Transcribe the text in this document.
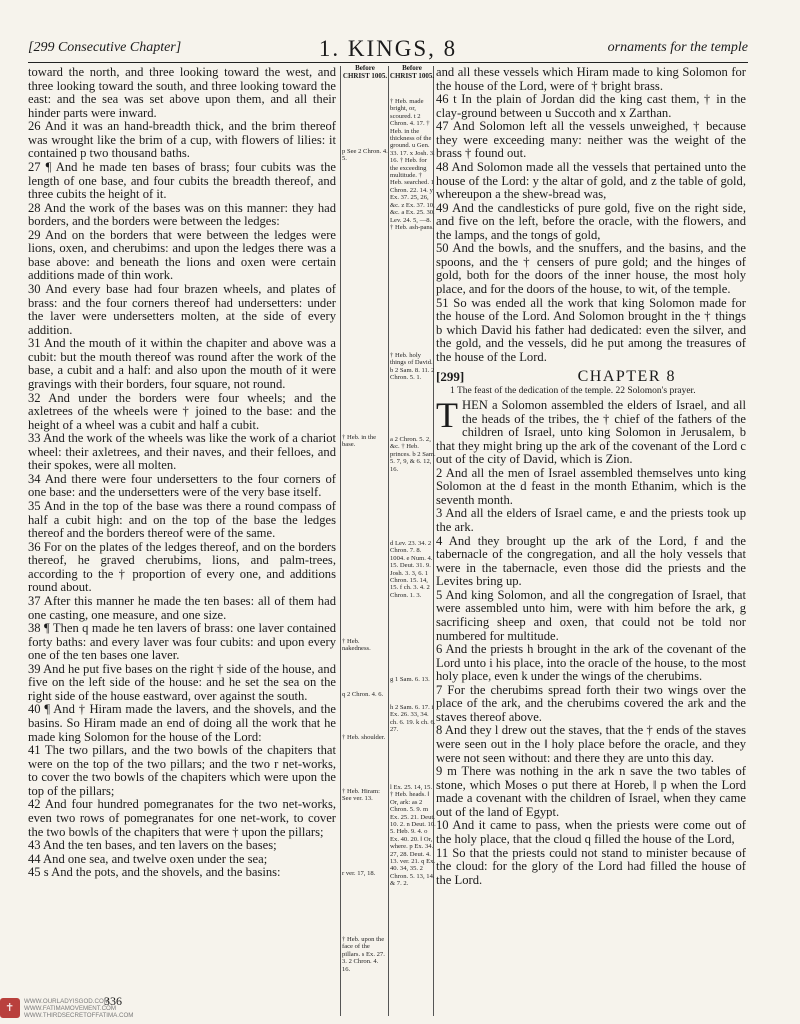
[299 Consecutive Chapter]	1. KINGS, 8	ornaments for the temple

toward the north, and three looking toward the west, and three looking toward the south, and three looking toward the east: and the sea was set above upon them, and all their hinder parts were inward.

26 And it was an hand-breadth thick, and the brim thereof was wrought like the brim of a cup, with flowers of lilies: it contained p two thousand baths.

27 ¶ And he made ten bases of brass; four cubits was the length of one base, and four cubits the breadth thereof, and three cubits the height of it.

28 And the work of the bases was on this manner: they had borders, and the borders were between the ledges:

29 And on the borders that were between the ledges were lions, oxen, and cherubims: and upon the ledges there was a base above: and beneath the lions and oxen were certain additions made of thin work.

30 And every base had four brazen wheels, and plates of brass: and the four corners thereof had undersetters: under the laver were undersetters molten, at the side of every addition.

31 And the mouth of it within the chapiter and above was a cubit: but the mouth thereof was round after the work of the base, a cubit and a half: and also upon the mouth of it were gravings with their borders, four square, not round.

32 And under the borders were four wheels; and the axletrees of the wheels were † joined to the base: and the height of a wheel was a cubit and half a cubit.

33 And the work of the wheels was like the work of a chariot wheel: their axletrees, and their naves, and their felloes, and their spokes, were all molten.

34 And there were four undersetters to the four corners of one base: and the undersetters were of the very base itself.

35 And in the top of the base was there a round compass of half a cubit high: and on the top of the base the ledges thereof and the borders thereof were of the same.

36 For on the plates of the ledges thereof, and on the borders thereof, he graved cherubims, lions, and palm-trees, according to the † proportion of every one, and additions round about.

37 After this manner he made the ten bases: all of them had one casting, one measure, and one size.

38 ¶ Then q made he ten lavers of brass: one laver contained forty baths: and every laver was four cubits: and upon every one of the ten bases one laver.

39 And he put five bases on the right † side of the house, and five on the left side of the house: and he set the sea on the right side of the house eastward, over against the south.

40 ¶ And † Hiram made the lavers, and the shovels, and the basins. So Hiram made an end of doing all the work that he made king Solomon for the house of the Lord:

41 The two pillars, and the two bowls of the chapiters that were on the top of the two pillars; and the two r net-works, to cover the two bowls of the chapiters which were upon the top of the pillars;

42 And four hundred pomegranates for the two net-works, even two rows of pomegranates for one net-work, to cover the two bowls of the chapiters that were † upon the pillars;

43 And the ten bases, and ten lavers on the bases;

44 And one sea, and twelve oxen under the sea;

45 s And the pots, and the shovels, and the basins:

Before CHRIST 1005.
Before CHRIST 1005.
p See 2 Chron. 4. 5.
† Heb. in the base.
† Heb. nakedness.
q 2 Chron. 4. 6.
† Heb. shoulder.
† Heb. Hiram: See ver. 13.
r ver. 17, 18.
† Heb. upon the face of the pillars. s Ex. 27. 3. 2 Chron. 4. 16.
† Heb. made bright, or, scoured. t 2 Chron. 4. 17. † Heb. in the thickness of the ground. u Gen. 33. 17. x Josh. 3. 16. † Heb. for the exceeding multitude. † Heb. searched. 1 Chron. 22. 14. y Ex. 37. 25, 26, &c. z Ex. 37. 10, &c. a Ex. 25. 30. Lev. 24. 5, —8. † Heb. ash-pans.
† Heb. holy things of David. b 2 Sam. 8. 11. 2 Chron. 5. 1.
a 2 Chron. 5. 2, &c. † Heb. princes. b 2 Sam. 5. 7, 9, & 6. 12, 16.
d Lev. 23. 34. 2 Chron. 7. 8. 1004. e Num. 4. 15. Deut. 31. 9. Josh. 3. 3, 6. 1 Chron. 15. 14, 15. f ch. 3. 4. 2 Chron. 1. 3.
g 1 Sam. 6. 13.
h 2 Sam. 6. 17. i Ex. 26. 33, 34. ch. 6. 19. k ch. 6. 27.
l Ex. 25. 14, 15. † Heb. heads. ‖ Or, ark: as 2 Chron. 5. 9. m Ex. 25. 21. Deut. 10. 2. n Deut. 10. 5. Heb. 9. 4. o Ex. 40. 20. ‖ Or, where. p Ex. 34. 27, 28. Deut. 4. 13. ver. 21. q Ex. 40. 34, 35. 2 Chron. 5. 13, 14. & 7. 2.

and all these vessels which Hiram made to king Solomon for the house of the Lord, were of † bright brass.

46 t In the plain of Jordan did the king cast them, † in the clay-ground between u Succoth and x Zarthan.

47 And Solomon left all the vessels unweighed, † because they were exceeding many: neither was the weight of the brass † found out.

48 And Solomon made all the vessels that pertained unto the house of the Lord: y the altar of gold, and z the table of gold, whereupon a the shew-bread was,

49 And the candlesticks of pure gold, five on the right side, and five on the left, before the oracle, with the flowers, and the lamps, and the tongs of gold,

50 And the bowls, and the snuffers, and the basins, and the spoons, and the † censers of pure gold; and the hinges of gold, both for the doors of the inner house, the most holy place, and for the doors of the house, to wit, of the temple.

51 So was ended all the work that king Solomon made for the house of the Lord. And Solomon brought in the † things b which David his father had dedicated: even the silver, and the gold, and the vessels, did he put among the treasures of the house of the Lord.

[299]	CHAPTER 8

1 The feast of the dedication of the temple. 22 Solomon's prayer.

THEN a Solomon assembled the elders of Israel, and all the heads of the tribes, the † chief of the fathers of the children of Israel, unto king Solomon in Jerusalem, b that they might bring up the ark of the covenant of the Lord c out of the city of David, which is Zion.

2 And all the men of Israel assembled themselves unto king Solomon at the d feast in the month Ethanim, which is the seventh month.

3 And all the elders of Israel came, e and the priests took up the ark.

4 And they brought up the ark of the Lord, f and the tabernacle of the congregation, and all the holy vessels that were in the tabernacle, even those did the priests and the Levites bring up.

5 And king Solomon, and all the congregation of Israel, that were assembled unto him, were with him before the ark, g sacrificing sheep and oxen, that could not be told nor numbered for multitude.

6 And the priests h brought in the ark of the covenant of the Lord unto i his place, into the oracle of the house, to the most holy place, even k under the wings of the cherubims.

7 For the cherubims spread forth their two wings over the place of the ark, and the cherubims covered the ark and the staves thereof above.

8 And they l drew out the staves, that the † ends of the staves were seen out in the ‖ holy place before the oracle, and they were not seen without: and there they are unto this day.

9 m There was nothing in the ark n save the two tables of stone, which Moses o put there at Horeb, ‖ p when the Lord made a covenant with the children of Israel, when they came out of the land of Egypt.

10 And it came to pass, when the priests were come out of the holy place, that the cloud q filled the house of the Lord,

11 So that the priests could not stand to minister because of the cloud: for the glory of the Lord had filled the house of the Lord.

✝ WWW.OURLADYISGOD.COM
WWW.FATIMAMOVEMENT.COM
WWW.THIRDSECRETOFFATIMA.COM
336
